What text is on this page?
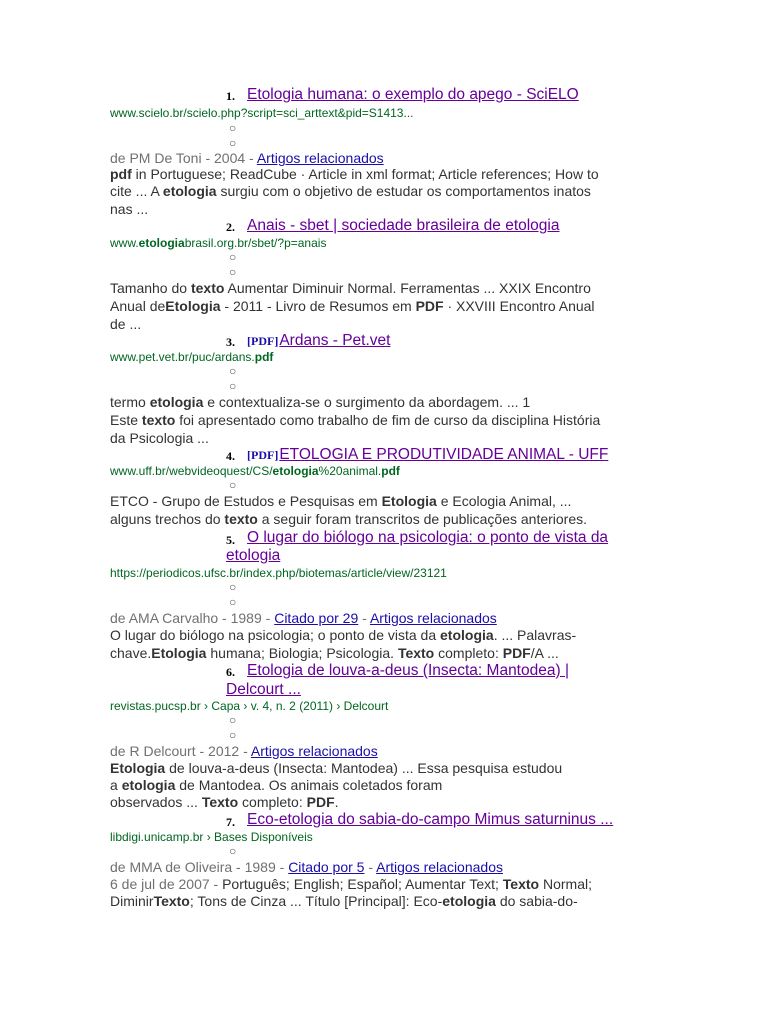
1. Etologia humana: o exemplo do apego - SciELO
www.scielo.br/scielo.php?script=sci_arttext&pid=S1413...
○
○
de PM De Toni - 2004 - Artigos relacionados
pdf in Portuguese; ReadCube · Article in xml format; Article references; How to
cite ... A etologia surgiu com o objetivo de estudar os comportamentos inatos
nas ...
2. Anais - sbet | sociedade brasileira de etologia
www.etologiabrasil.org.br/sbet/?p=anais
○
○
Tamanho do texto Aumentar Diminuir Normal. Ferramentas ... XXIX Encontro
Anual deEtologia - 2011 - Livro de Resumos em PDF · XXVIII Encontro Anual
de ...
3. [PDF]Ardans - Pet.vet
www.pet.vet.br/puc/ardans.pdf
○
○
termo etologia e contextualiza-se o surgimento da abordagem. ... 1
Este texto foi apresentado como trabalho de fim de curso da disciplina História
da Psicologia ...
4. [PDF]ETOLOGIA E PRODUTIVIDADE ANIMAL - UFF
www.uff.br/webvideoquest/CS/etologia%20animal.pdf
○
ETCO - Grupo de Estudos e Pesquisas em Etologia e Ecologia Animal, ...
alguns trechos do texto a seguir foram transcritos de publicações anteriores.
5. O lugar do biólogo na psicologia: o ponto de vista da
etologia
https://periodicos.ufsc.br/index.php/biotemas/article/view/23121
○
○
de AMA Carvalho - 1989 - Citado por 29 - Artigos relacionados
O lugar do biólogo na psicologia; o ponto de vista da etologia. ... Palavras-
chave.Etologia humana; Biologia; Psicologia. Texto completo: PDF/A ...
6. Etologia de louva-a-deus (Insecta: Mantodea) |
Delcourt ...
revistas.pucsp.br › Capa › v. 4, n. 2 (2011) › Delcourt
○
○
de R Delcourt - 2012 - Artigos relacionados
Etologia de louva-a-deus (Insecta: Mantodea) ... Essa pesquisa estudou
a etologia de Mantodea. Os animais coletados foram
observados ... Texto completo: PDF.
7. Eco-etologia do sabia-do-campo Mimus saturninus ...
libdigi.unicamp.br › Bases Disponíveis
○
de MMA de Oliveira - 1989 - Citado por 5 - Artigos relacionados
6 de jul de 2007 - Português; English; Español; Aumentar Text; Texto Normal;
DiminirTexto; Tons de Cinza ... Título [Principal]: Eco-etologia do sabia-do-
